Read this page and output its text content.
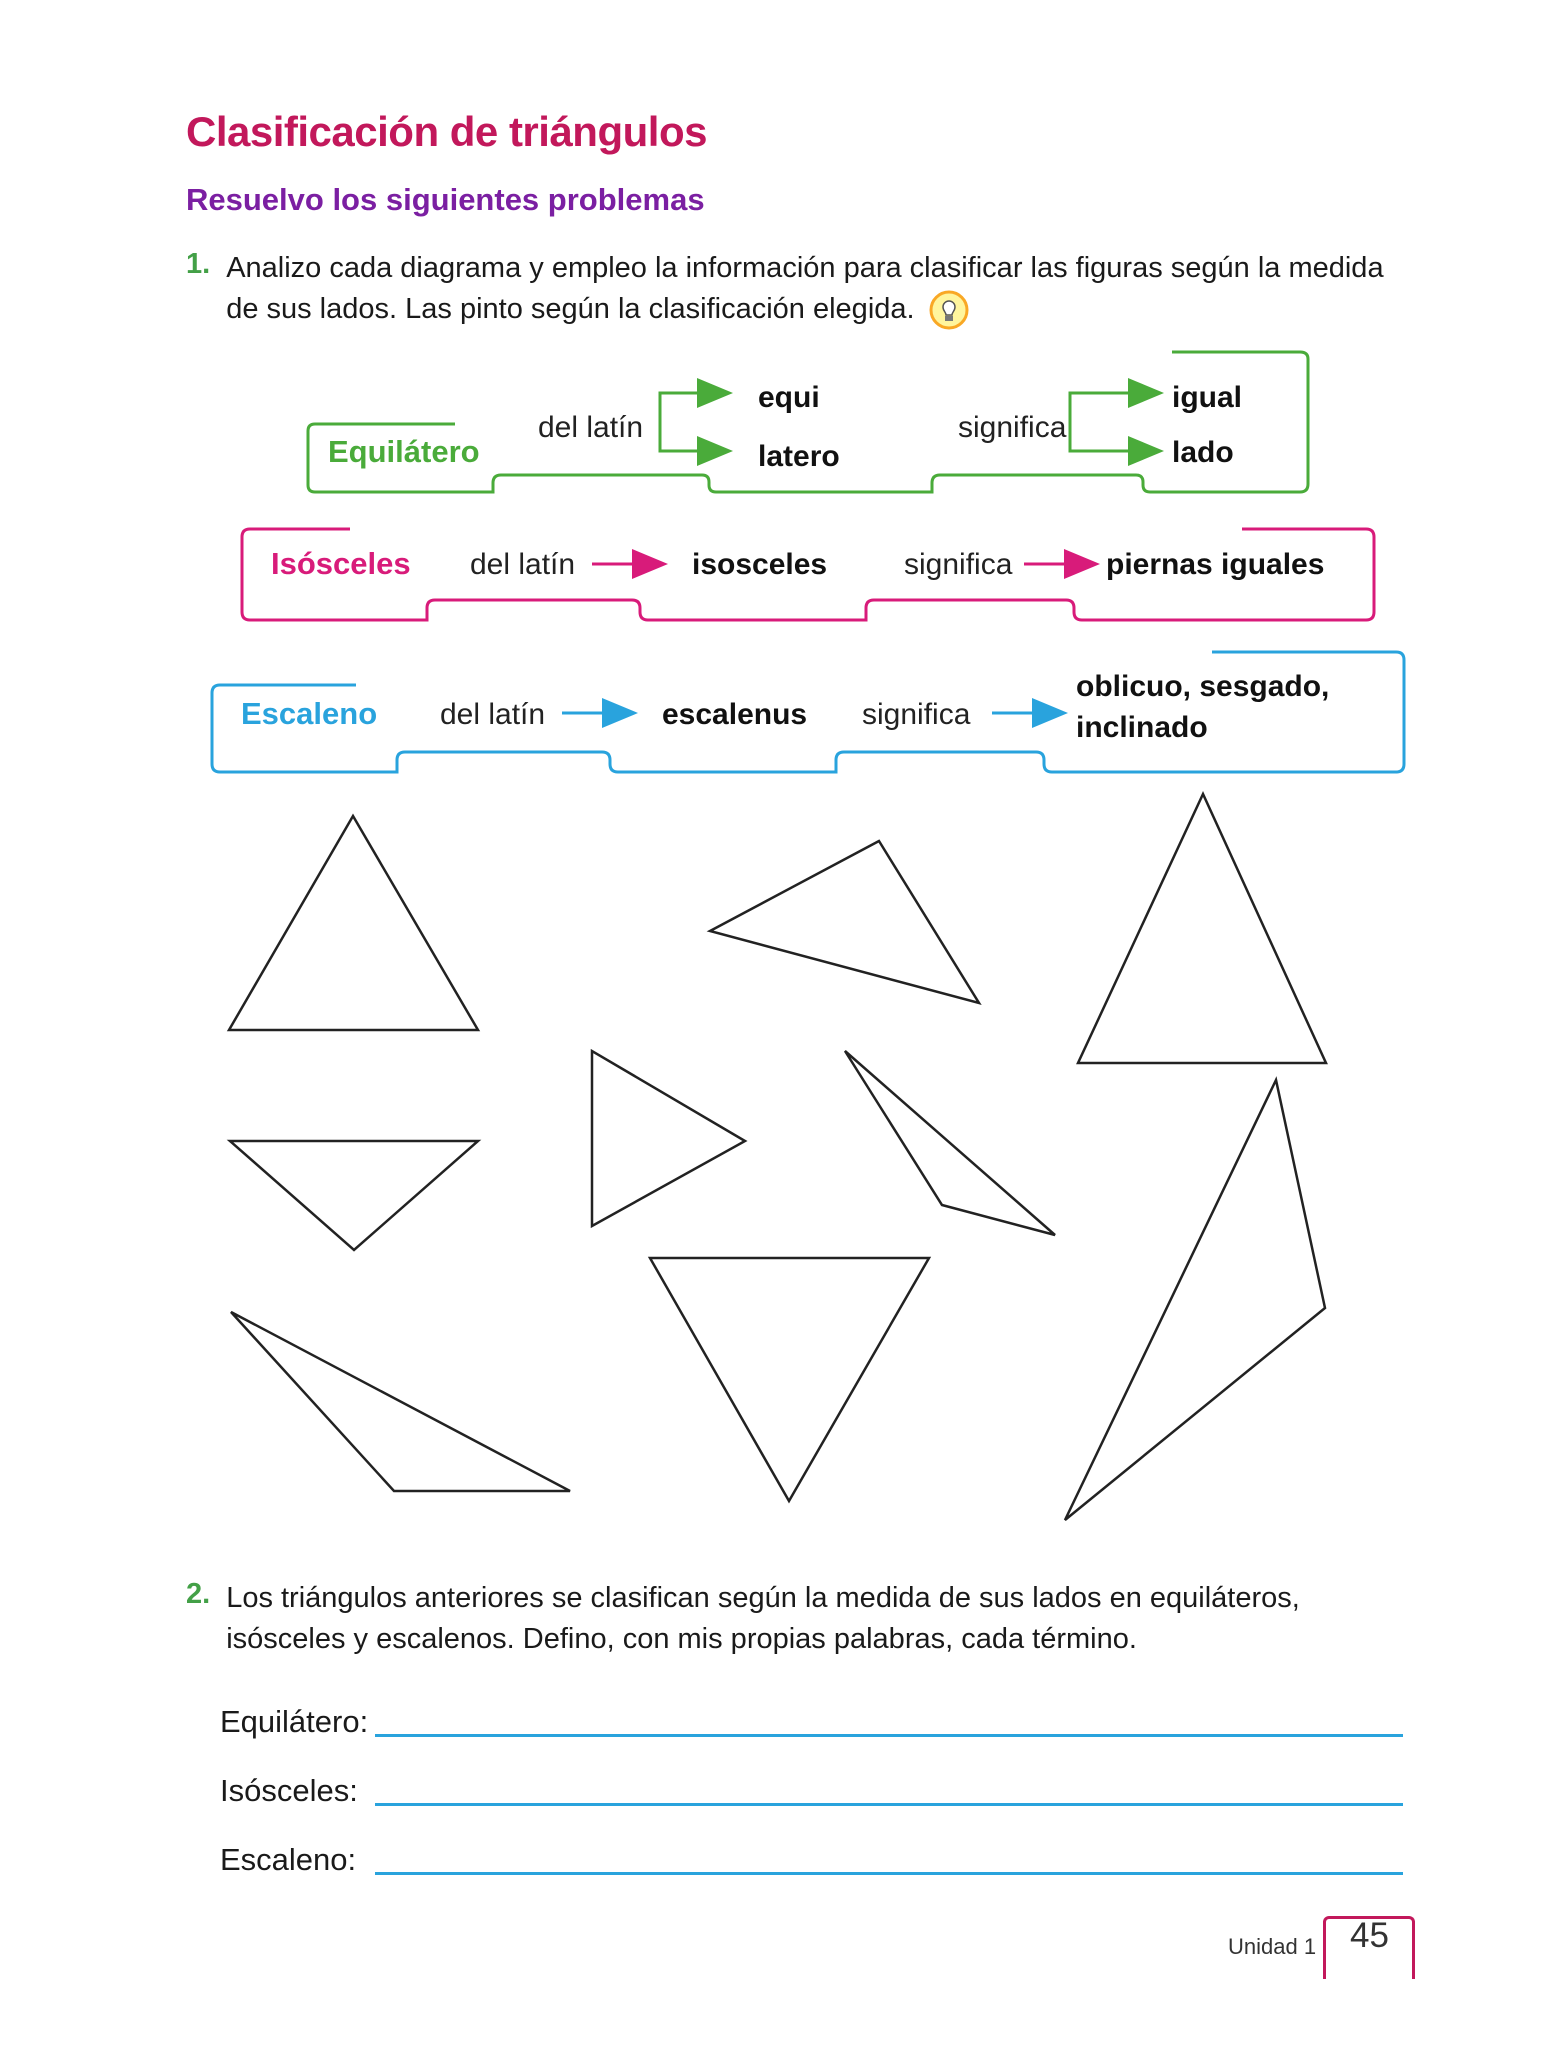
Clasificación de triángulos
Resuelvo los siguientes problemas
1. Analizo cada diagrama y empleo la información para clasificar las figuras según la medida de sus lados. Las pinto según la clasificación elegida.
Equilátero
del latín
equi
latero
significa
igual
lado
Isósceles del latín	isosceles	significa	piernas iguales
Escaleno del latín	escalenus significa
oblicuo, sesgado,
inclinado
2. Los triángulos anteriores se clasifican según la medida de sus lados en equiláteros, isósceles y escalenos. Defino, con mis propias palabras, cada término.
Equilátero:
Isósceles:
Escaleno:
Unidad 1 45
